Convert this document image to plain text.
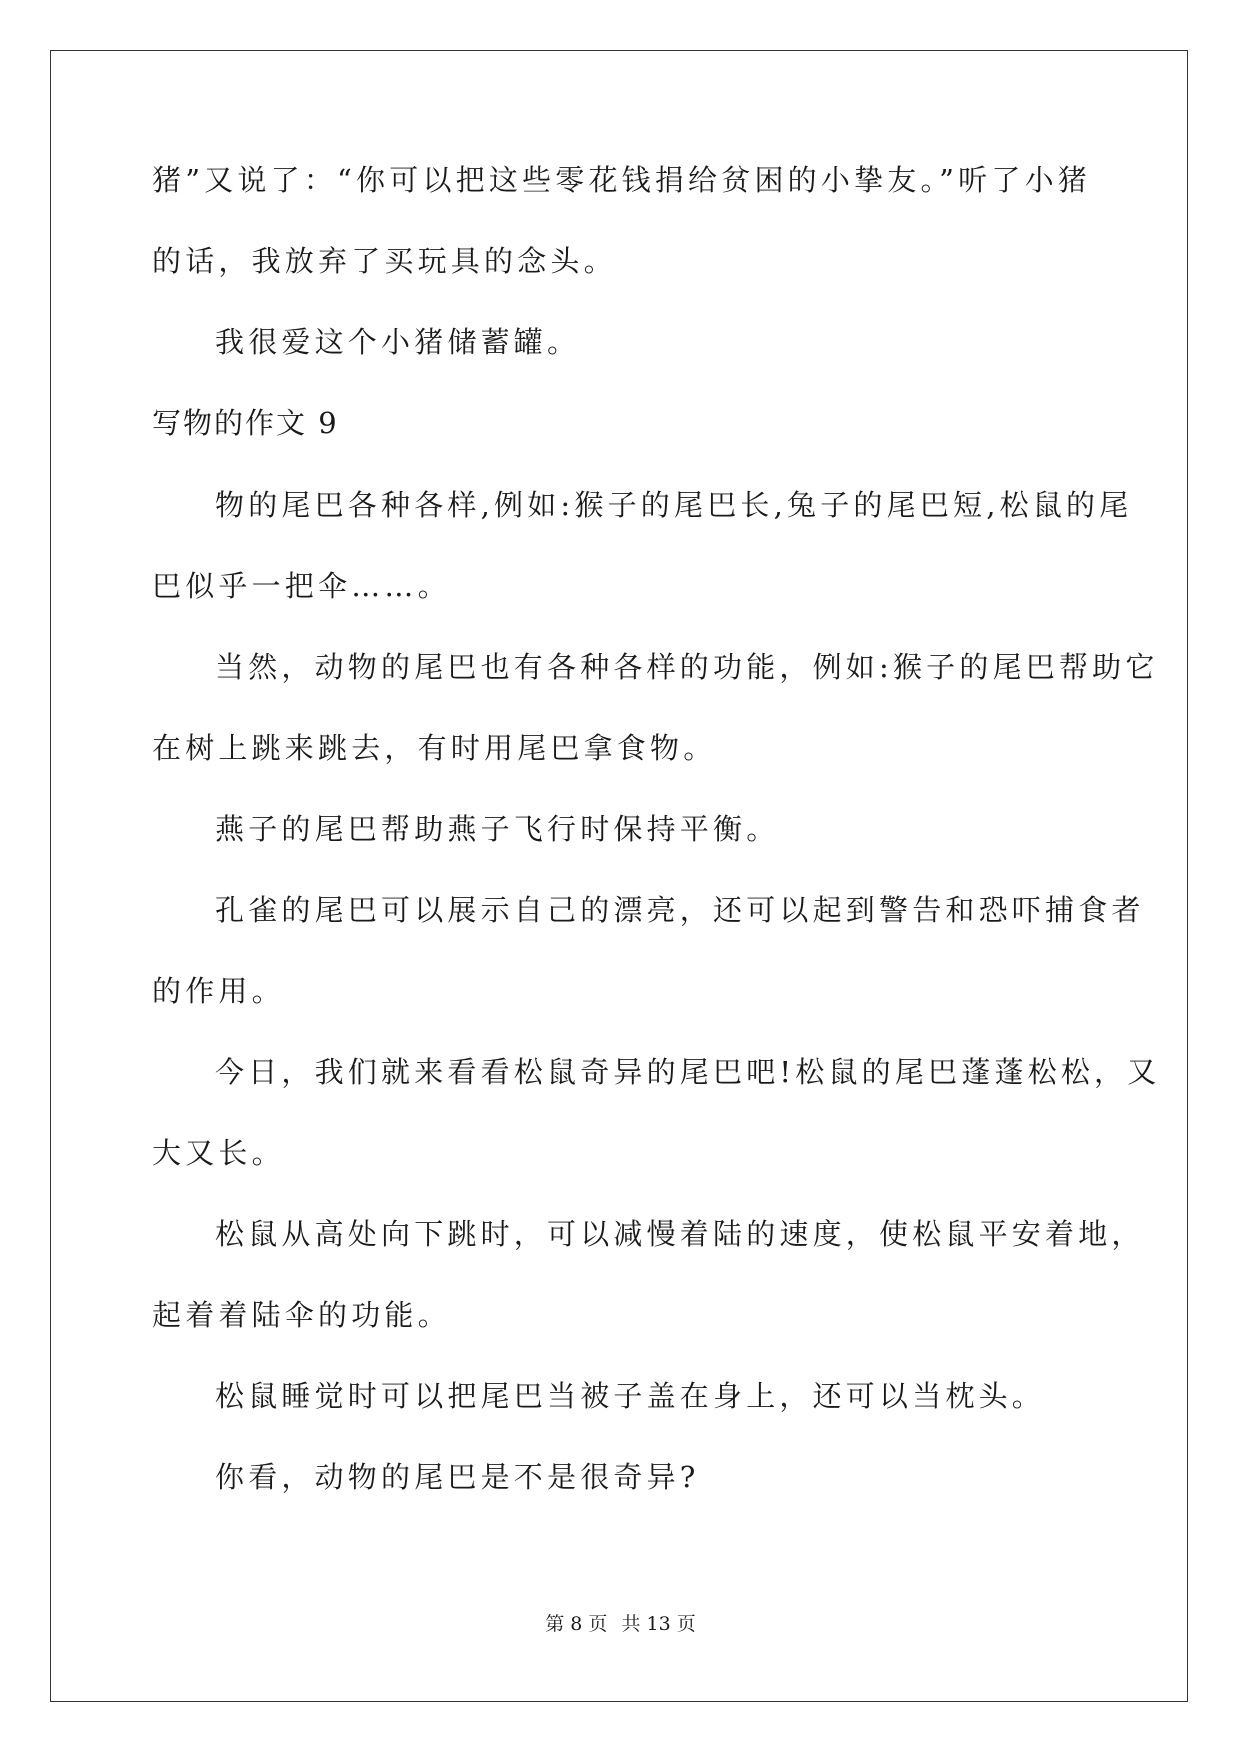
猪”又说了：“你可以把这些零花钱捐给贫困的小挚友。”听了小猪
的话，我放弃了买玩具的念头。
我很爱这个小猪储蓄罐。
写物的作文 9
物的尾巴各种各样,例如:猴子的尾巴长,兔子的尾巴短,松鼠的尾
巴似乎一把伞……。
当然，动物的尾巴也有各种各样的功能，例如:猴子的尾巴帮助它
在树上跳来跳去，有时用尾巴拿食物。
燕子的尾巴帮助燕子飞行时保持平衡。
孔雀的尾巴可以展示自己的漂亮，还可以起到警告和恐吓捕食者
的作用。
今日，我们就来看看松鼠奇异的尾巴吧!松鼠的尾巴蓬蓬松松，又
大又长。
松鼠从高处向下跳时，可以减慢着陆的速度，使松鼠平安着地，
起着着陆伞的功能。
松鼠睡觉时可以把尾巴当被子盖在身上，还可以当枕头。
你看，动物的尾巴是不是很奇异?
第 8 页 共 13 页
